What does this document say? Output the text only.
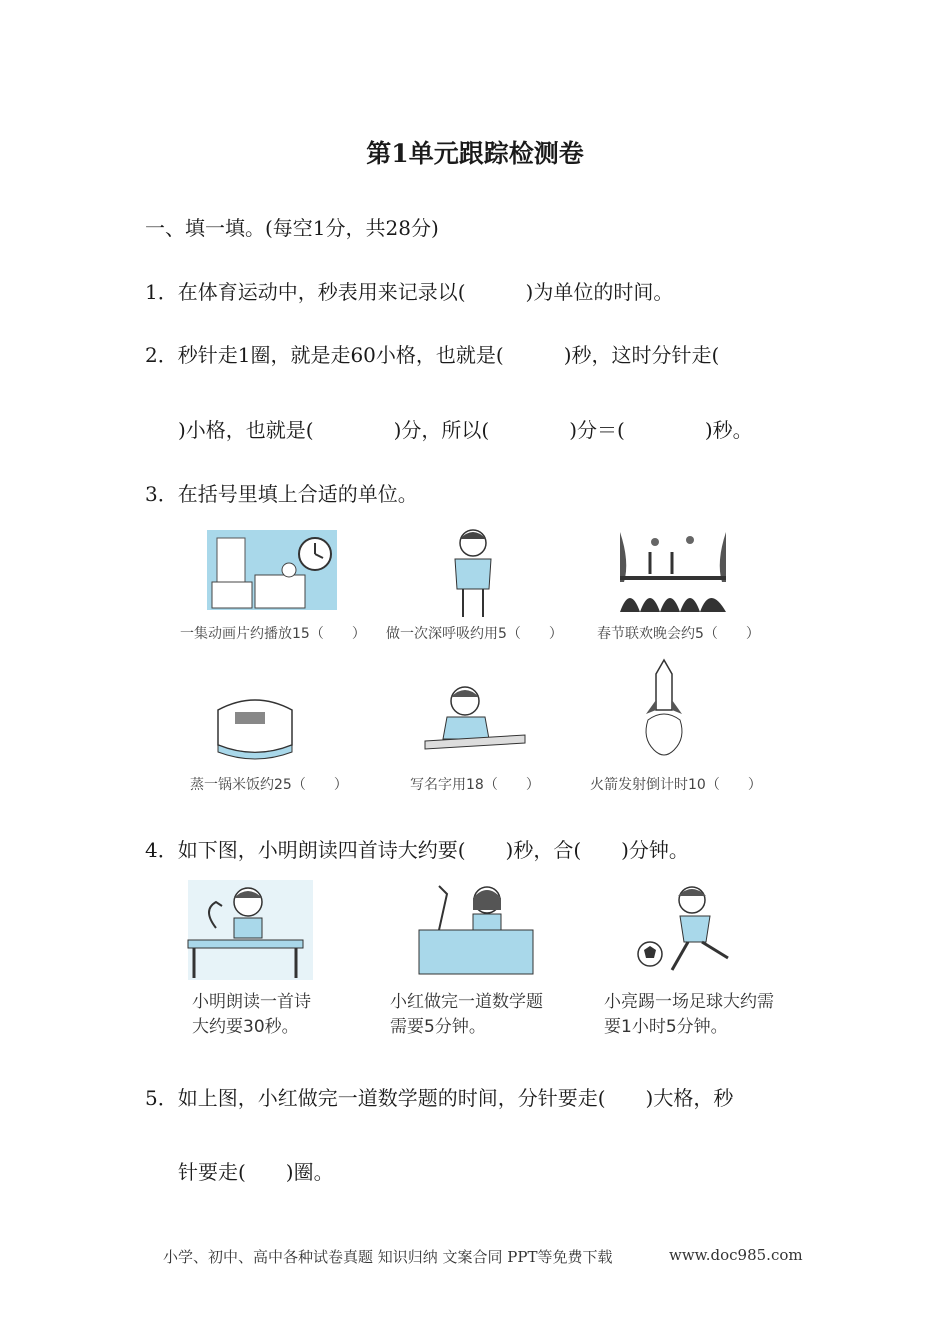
第1单元跟踪检测卷
一、填一填。(每空1分，共28分)
1．在体育运动中，秒表用来记录以(　　　)为单位的时间。
2．秒针走1圈，就是走60小格，也就是(　　　)秒，这时分针走(
)小格，也就是(　　　　)分，所以(　　　　)分＝(　　　　)秒。
3．在括号里填上合适的单位。
一集动画片约播放15（　　） 做一次深呼吸约用5（　　） 春节联欢晚会约5（　　）
蒸一锅米饭约25（　　）	写名字用18（　　）	火箭发射倒计时10（　　）
4．如下图，小明朗读四首诗大约要(　　)秒，合(　　)分钟。
小明朗读一首诗大约要30秒。
小红做完一道数学题需要5分钟。
小亮踢一场足球大约需要1小时5分钟。
5．如上图，小红做完一道数学题的时间，分针要走(　　)大格，秒
针要走(　　)圈。
小学、初中、高中各种试卷真题 知识归纳 文案合同 PPT等免费下载	www.doc985.com
